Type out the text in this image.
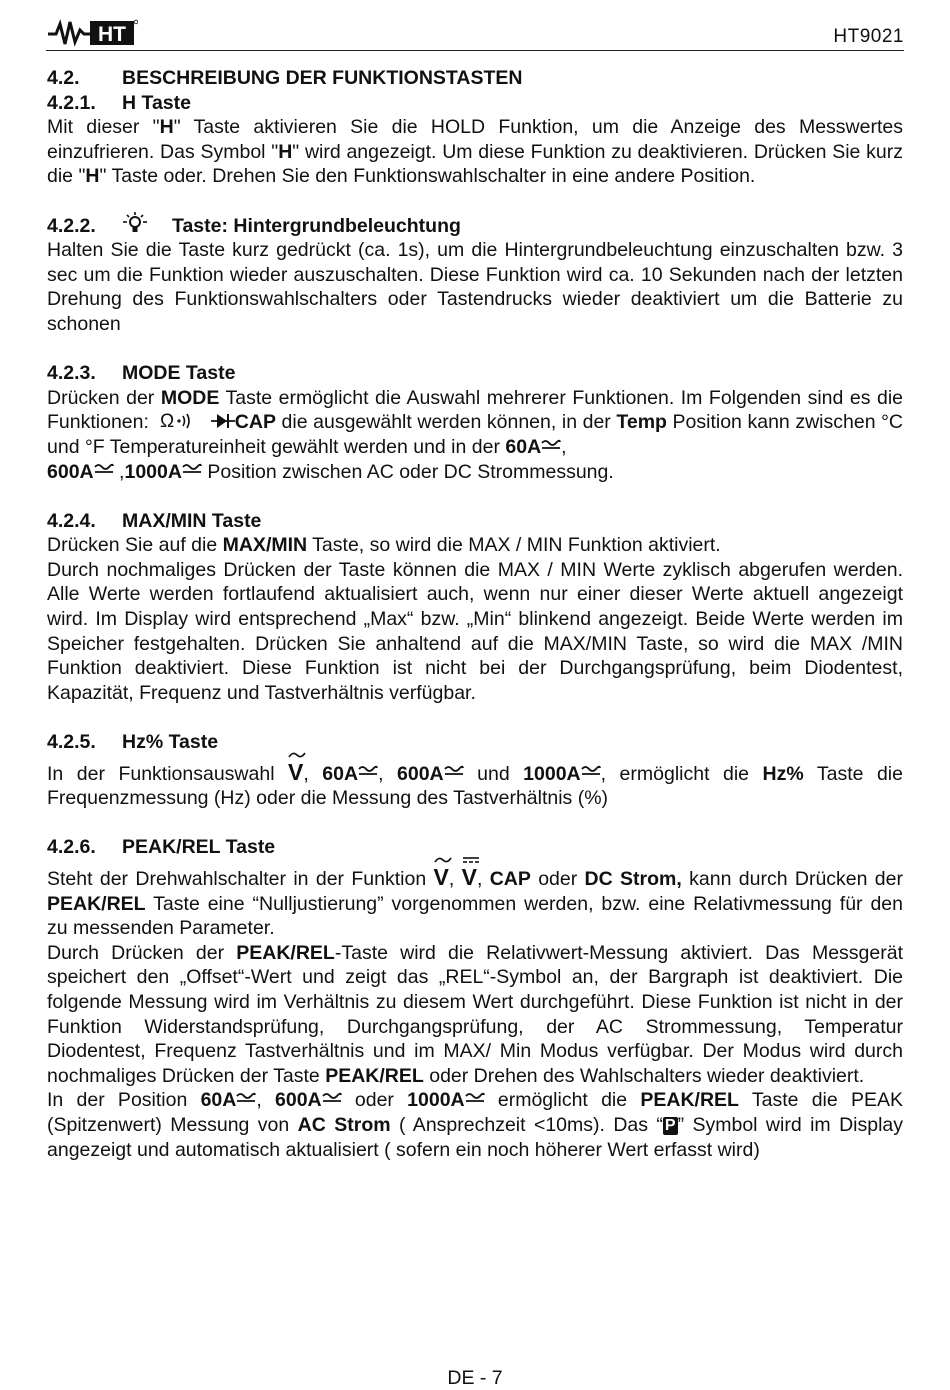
HT	HT9021

4.2. BESCHREIBUNG DER FUNKTIONSTASTEN

4.2.1. H Taste

Mit dieser "H" Taste aktivieren Sie die HOLD Funktion, um die Anzeige des Messwertes einzufrieren. Das Symbol "H" wird angezeigt. Um diese Funktion zu deaktivieren. Drücken Sie kurz die "H" Taste oder. Drehen Sie den Funktionswahlschalter in eine andere Position.

4.2.2.	Taste: Hintergrundbeleuchtung

Halten Sie die Taste kurz gedrückt (ca. 1s), um die Hintergrundbeleuchtung einzuschalten bzw. 3 sec um die Funktion wieder auszuschalten. Diese Funktion wird ca. 10 Sekunden nach der letzten Drehung des Funktionswahlschalters oder Tastendrucks wieder deaktiviert um die Batterie zu schonen

4.2.3. MODE Taste

Drücken der MODE Taste ermöglicht die Auswahl mehrerer Funktionen. Im Folgenden sind es die Funktionen: Ω	CAP die ausgewählt werden können, in der Temp Position kann zwischen °C und °F Temperatureinheit gewählt werden und in der 60A ,
600A ,1000A Position zwischen AC oder DC Strommessung.

4.2.4. MAX/MIN Taste

Drücken Sie auf die MAX/MIN Taste, so wird die MAX / MIN Funktion aktiviert.

Durch nochmaliges Drücken der Taste können die MAX / MIN Werte zyklisch abgerufen werden. Alle Werte werden fortlaufend aktualisiert auch, wenn nur einer dieser Werte aktuell angezeigt wird. Im Display wird entsprechend „Max“ bzw. „Min“ blinkend angezeigt. Beide Werte werden im Speicher festgehalten. Drücken Sie anhaltend auf die MAX/MIN Taste, so wird die MAX /MIN Funktion deaktiviert. Diese Funktion ist nicht bei der Durchgangsprüfung, beim Diodentest, Kapazität, Frequenz und Tastverhältnis verfügbar.

4.2.5. Hz% Taste

In der Funktionsauswahl
V, 60A , 600A und 1000A , ermöglicht die Hz% Taste die Frequenzmessung (Hz) oder die Messung des Tastverhältnis (%)

4.2.6. PEAK/REL Taste

Steht der Drehwahlschalter in der Funktion
V,
V, CAP oder DC Strom, kann durch Drücken der PEAK/REL Taste eine “Nulljustierung” vorgenommen werden, bzw. eine Relativmessung für den zu messenden Parameter.

Durch Drücken der PEAK/REL-Taste wird die Relativwert-Messung aktiviert. Das Messgerät speichert den „Offset“-Wert und zeigt das „REL“-Symbol an, der Bargraph ist deaktiviert. Die folgende Messung wird im Verhältnis zu diesem Wert durchgeführt. Diese Funktion ist nicht in der Funktion Widerstandsprüfung, Durchgangsprüfung, der AC Strommessung, Temperatur Diodentest, Frequenz Tastverhältnis und im MAX/ Min Modus verfügbar. Der Modus wird durch nochmaliges Drücken der Taste PEAK/REL oder Drehen des Wahlschalters wieder deaktiviert.

In der Position 60A , 600A oder 1000A ermöglicht die PEAK/REL Taste die PEAK (Spitzenwert) Messung von AC Strom ( Ansprechzeit <10ms). Das “ P ” Symbol wird im Display angezeigt und automatisch aktualisiert ( sofern ein noch höherer Wert erfasst wird)

DE - 7
